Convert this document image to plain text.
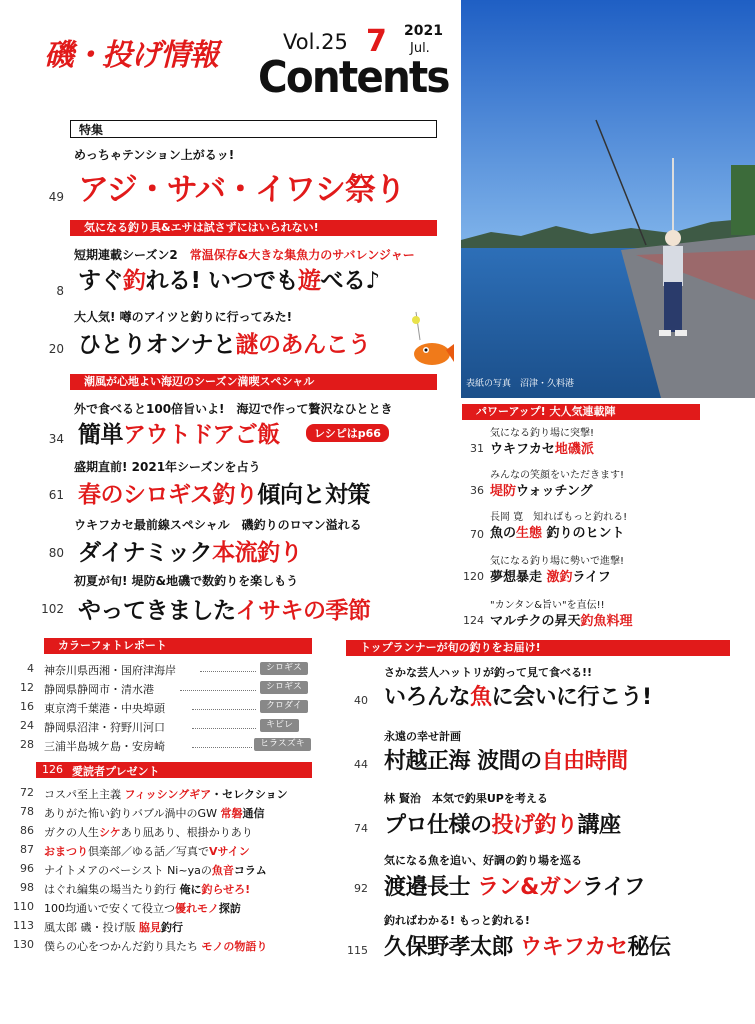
磯・投げ情報	Vol.25 7 2021
Jul.
Contents
表紙の写真　沼津・久料港
特集
めっちゃテンション上がるッ!
アジ・サバ・イワシ祭り
49
気になる釣り具&エサは試さずにはいられない!
短期連載シーズン2　 常温保存&大きな集魚力のサバレンジャー
すぐ釣れる! いつでも遊べる♪
8
大人気! 噂のアイツと釣りに行ってみた!
ひとりオンナと謎のあんこう
20
潮風が心地よい海辺のシーズン満喫スペシャル
外で食べると100倍旨いよ!　海辺で作って贅沢なひととき
簡単アウトドアご飯	レシピはp66
34
盛期直前! 2021年シーズンを占う
春のシロギス釣り傾向と対策
61
ウキフカセ最前線スペシャル　磯釣りのロマン溢れる
ダイナミック本流釣り
80
初夏が旬! 堤防&地磯で数釣りを楽しもう
やってきましたイサキの季節
102
パワーアップ! 大人気連載陣
気になる釣り場に突撃!
ウキフカセ地磯派
31
みんなの笑顔をいただきます!
堤防ウォッチング
36
長岡 寛　知ればもっと釣れる!
魚の生態 釣りのヒント
70
気になる釣り場に勢いで進撃!
夢想暴走 激釣ライフ
120
"カンタン&旨い"を直伝!!
マルチクの昇天釣魚料理
124
カラーフォトレポート
4 神奈川県西湘・国府津海岸	シロギス
12 静岡県静岡市・清水港	シロギス
16 東京湾千葉港・中央埠頭	クロダイ
24 静岡県沼津・狩野川河口	キビレ
28 三浦半島城ケ島・安房崎	ヒラスズキ
126 愛読者プレゼント
72 コスパ至上主義 フィッシングギア・セレクション
78 ありがた怖い釣りバブル渦中のGW 常磐通信
86 ガクの人生シケあり凪あり、根掛かりあり
87 おまつり倶楽部／ゆる話／写真でVサイン
96 ナイトメアのベーシスト Ni~yaの魚音コラム
98 はぐれ編集の場当たり釣行 俺に釣らせろ!
110 100均通いで安くて役立つ優れモノ探訪
113 風太郎 磯・投げ版 脇見釣行
130 僕らの心をつかんだ釣り具たち モノの物語り
トップランナーが旬の釣りをお届け!
さかな芸人ハットリが釣って見て食べる!!
いろんな魚に会いに行こう!
40
永遠の幸せ計画
村越正海 波間の自由時間
44
林 賢治　本気で釣果UPを考える
プロ仕様の投げ釣り講座
74
気になる魚を追い、好調の釣り場を巡る
渡邉長士 ラン&ガンライフ
92
釣ればわかる! もっと釣れる!
久保野孝太郎 ウキフカセ秘伝
115
